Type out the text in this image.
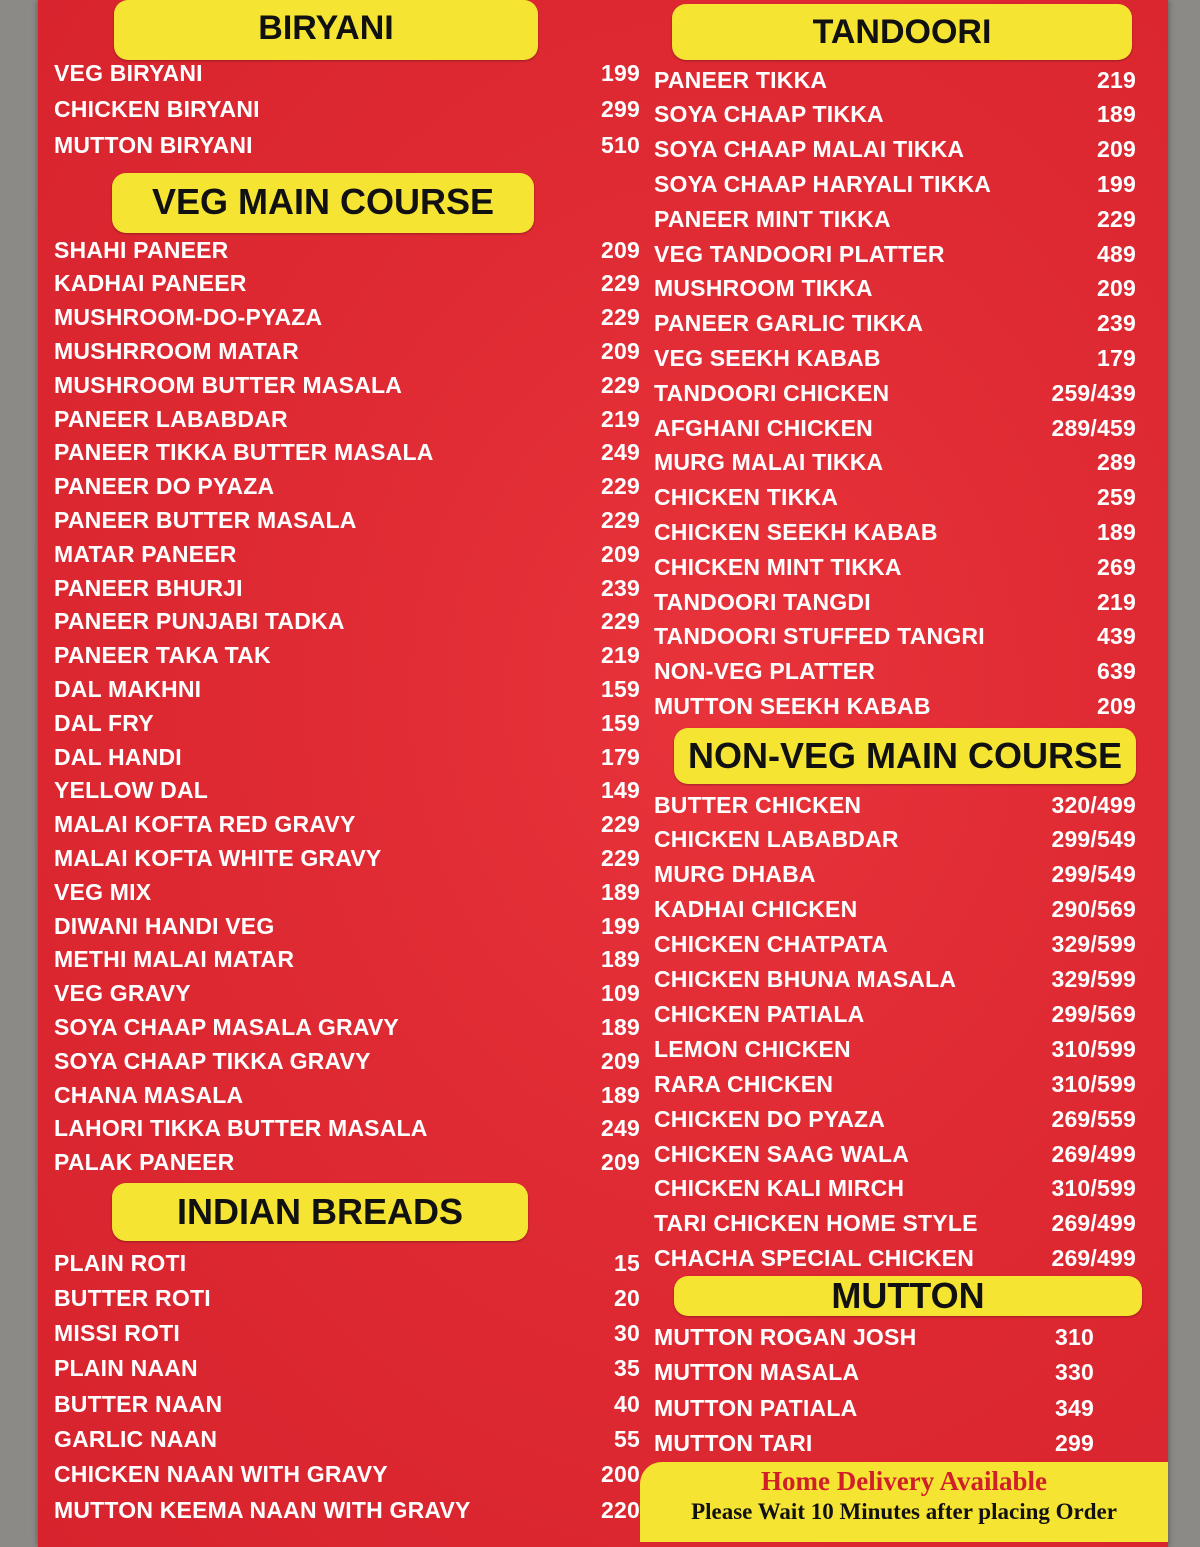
BIRYANI
VEG MAIN COURSE
INDIAN BREADS
VEG BIRYANI	199
CHICKEN BIRYANI	299
MUTTON BIRYANI	510
SHAHI PANEER	209
KADHAI PANEER	229
MUSHROOM-DO-PYAZA	229
MUSHRROOM MATAR	209
MUSHROOM BUTTER MASALA	229
PANEER LABABDAR	219
PANEER TIKKA BUTTER MASALA	249
PANEER DO PYAZA	229
PANEER BUTTER MASALA	229
MATAR PANEER	209
PANEER BHURJI	239
PANEER PUNJABI TADKA	229
PANEER TAKA TAK	219
DAL MAKHNI	159
DAL FRY	159
DAL HANDI	179
YELLOW DAL	149
MALAI KOFTA RED GRAVY	229
MALAI KOFTA WHITE GRAVY	229
VEG MIX	189
DIWANI HANDI VEG	199
METHI MALAI MATAR	189
VEG GRAVY	109
SOYA CHAAP MASALA GRAVY	189
SOYA CHAAP TIKKA GRAVY	209
CHANA MASALA	189
LAHORI TIKKA BUTTER MASALA	249
PALAK PANEER	209
PLAIN ROTI	15
BUTTER ROTI	20
MISSI ROTI	30
PLAIN NAAN	35
BUTTER NAAN	40
GARLIC NAAN	55
CHICKEN NAAN WITH GRAVY	200
MUTTON KEEMA NAAN WITH GRAVY	220
TANDOORI
NON-VEG MAIN COURSE
MUTTON
PANEER TIKKA	219
SOYA CHAAP TIKKA	189
SOYA CHAAP MALAI TIKKA	209
SOYA CHAAP HARYALI TIKKA	199
PANEER MINT TIKKA	229
VEG TANDOORI PLATTER	489
MUSHROOM TIKKA	209
PANEER GARLIC TIKKA	239
VEG SEEKH KABAB	179
TANDOORI CHICKEN	259/439
AFGHANI CHICKEN	289/459
MURG MALAI TIKKA	289
CHICKEN TIKKA	259
CHICKEN SEEKH KABAB	189
CHICKEN MINT TIKKA	269
TANDOORI TANGDI	219
TANDOORI STUFFED TANGRI	439
NON-VEG PLATTER	639
MUTTON SEEKH KABAB	209
BUTTER CHICKEN	320/499
CHICKEN LABABDAR	299/549
MURG DHABA	299/549
KADHAI CHICKEN	290/569
CHICKEN CHATPATA	329/599
CHICKEN BHUNA MASALA	329/599
CHICKEN PATIALA	299/569
LEMON CHICKEN	310/599
RARA CHICKEN	310/599
CHICKEN DO PYAZA	269/559
CHICKEN SAAG WALA	269/499
CHICKEN KALI MIRCH	310/599
TARI CHICKEN HOME STYLE	269/499
CHACHA SPECIAL CHICKEN	269/499
MUTTON ROGAN JOSH	310
MUTTON MASALA	330
MUTTON PATIALA	349
MUTTON TARI	299
Home Delivery Available
Please Wait 10 Minutes after placing Order
